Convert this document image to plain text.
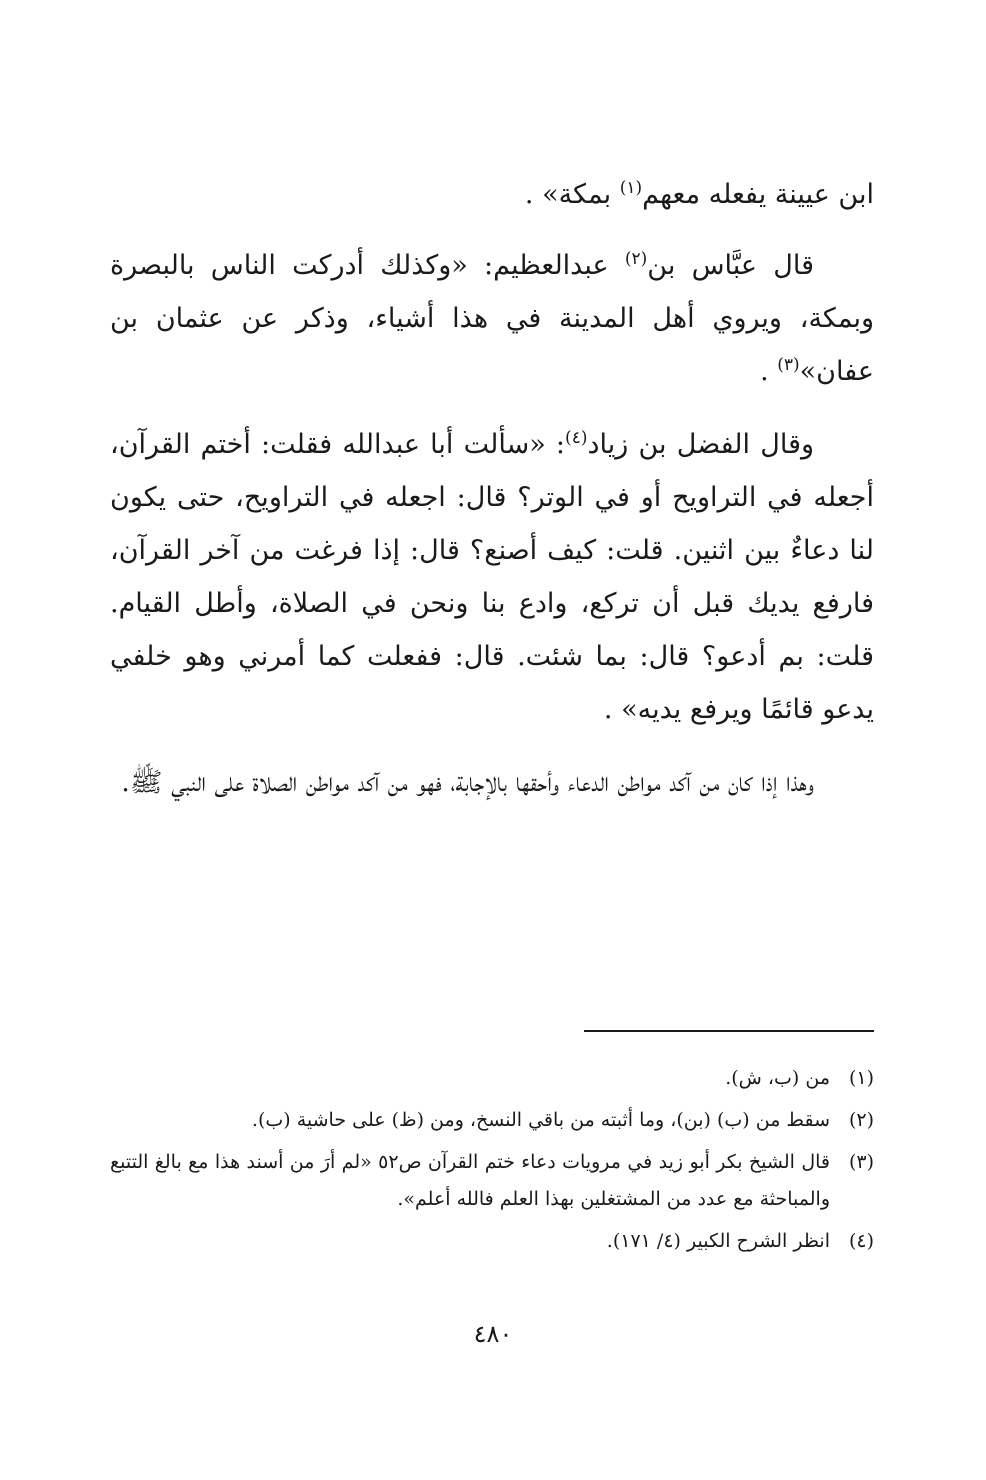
ابن عيينة يفعله معهم$^{(١)}$ بمكة» .

قال عبَّاس بن$^{(٢)}$ عبدالعظيم: «وكذلك أدركت الناس بالبصرة وبمكة، ويروي أهل المدينة في هذا أشياء، وذكر عن عثمان بن عفان»$^{(٣)}$ .

وقال الفضل بن زياد$^{(٤)}$: «سألت أبا عبدالله فقلت: أختم القرآن، أجعله في التراويح أو في الوتر؟ قال: اجعله في التراويح، حتى يكون لنا دعاءٌ بين اثنين. قلت: كيف أصنع؟ قال: إذا فرغت من آخر القرآن، فارفع يديك قبل أن تركع، وادع بنا ونحن في الصلاة، وأطل القيام. قلت: بم أدعو؟ قال: بما شئت. قال: ففعلت كما أمرني وهو خلفي يدعو قائمًا ويرفع يديه» .

وهذا إذا كان من آكد مواطن الدعاء وأحقها بالإجابة، فهو من آكد مواطن الصلاة على النبي ﷺ.

(١)
من (ب، ش).
(٢)
سقط من (ب) (بن)، وما أثبته من باقي النسخ، ومن (ظ) على حاشية (ب).
(٣)
قال الشيخ بكر أبو زيد في مرويات دعاء ختم القرآن ص٥٢ «لم أرَ من أسند هذا مع بالغ التتبع والمباحثة مع عدد من المشتغلين بهذا العلم فالله أعلم».
(٤)
انظر الشرح الكبير (٤/ ١٧١).
٤٨٠
